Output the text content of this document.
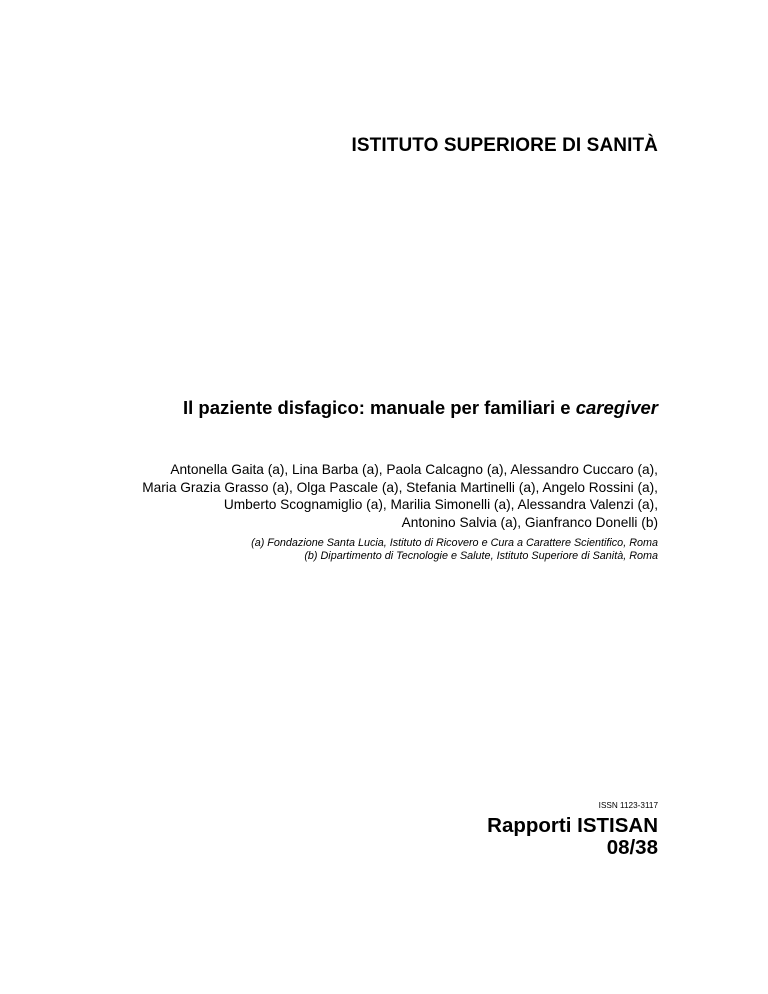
ISTITUTO SUPERIORE DI SANITÀ
Il paziente disfagico: manuale per familiari e caregiver
Antonella Gaita (a), Lina Barba (a), Paola Calcagno (a), Alessandro Cuccaro (a),
Maria Grazia Grasso (a), Olga Pascale (a), Stefania Martinelli (a), Angelo Rossini (a),
Umberto Scognamiglio (a), Marilia Simonelli (a), Alessandra Valenzi (a),
Antonino Salvia (a), Gianfranco Donelli (b)
(a) Fondazione Santa Lucia, Istituto di Ricovero e Cura a Carattere Scientifico, Roma
(b) Dipartimento di Tecnologie e Salute, Istituto Superiore di Sanità, Roma
ISSN 1123-3117
Rapporti ISTISAN
08/38
